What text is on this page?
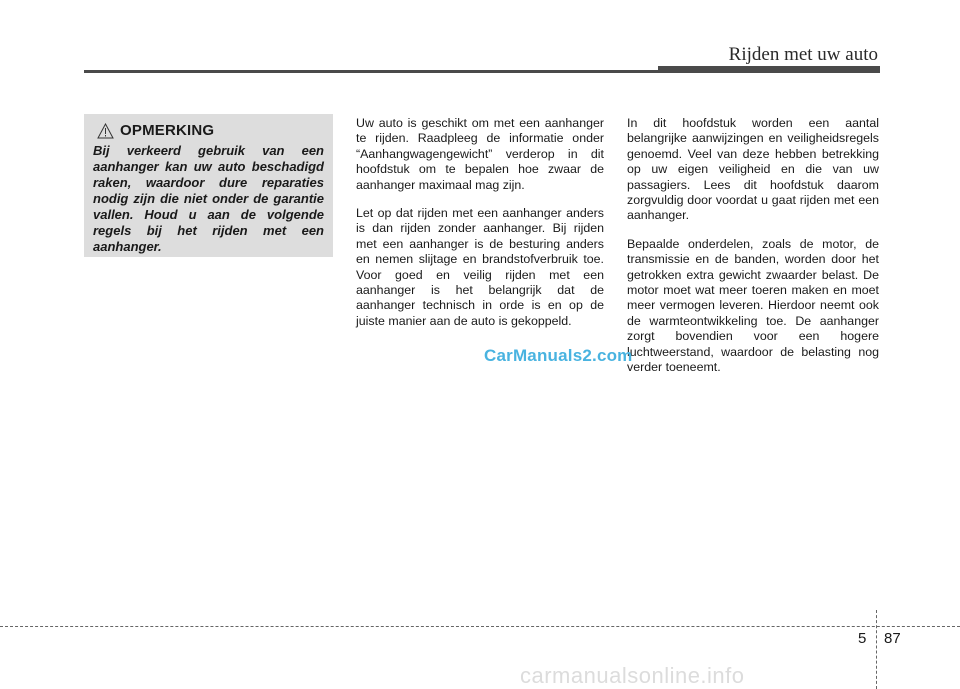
Rijden met uw auto
OPMERKING
Bij verkeerd gebruik van een aanhanger kan uw auto beschadigd raken, waardoor dure reparaties nodig zijn die niet onder de garantie vallen. Houd u aan de volgende regels bij het rijden met een aanhanger.

Uw auto is geschikt om met een aanhanger te rijden. Raadpleeg de informatie onder “Aanhangwagengewicht” verderop in dit hoofdstuk om te bepalen hoe zwaar de aanhanger maximaal mag zijn.

Let op dat rijden met een aanhanger anders is dan rijden zonder aanhanger. Bij rijden met een aanhanger is de besturing anders en nemen slijtage en brandstofverbruik toe. Voor goed en veilig rijden met een aanhanger is het belangrijk dat de aanhanger technisch in orde is en op de juiste manier aan de auto is gekoppeld.

In dit hoofdstuk worden een aantal belangrijke aanwijzingen en veiligheidsregels genoemd. Veel van deze hebben betrekking op uw eigen veiligheid en die van uw passagiers. Lees dit hoofdstuk daarom zorgvuldig door voordat u gaat rijden met een aanhanger.

Bepaalde onderdelen, zoals de motor, de transmissie en de banden, worden door het getrokken extra gewicht zwaarder belast. De motor moet wat meer toeren maken en moet meer vermogen leveren. Hierdoor neemt ook de warmteontwikkeling toe. De aanhanger zorgt bovendien voor een hogere luchtweerstand, waardoor de belasting nog verder toeneemt.

CarManuals2.com
5 87
carmanualsonline.info
